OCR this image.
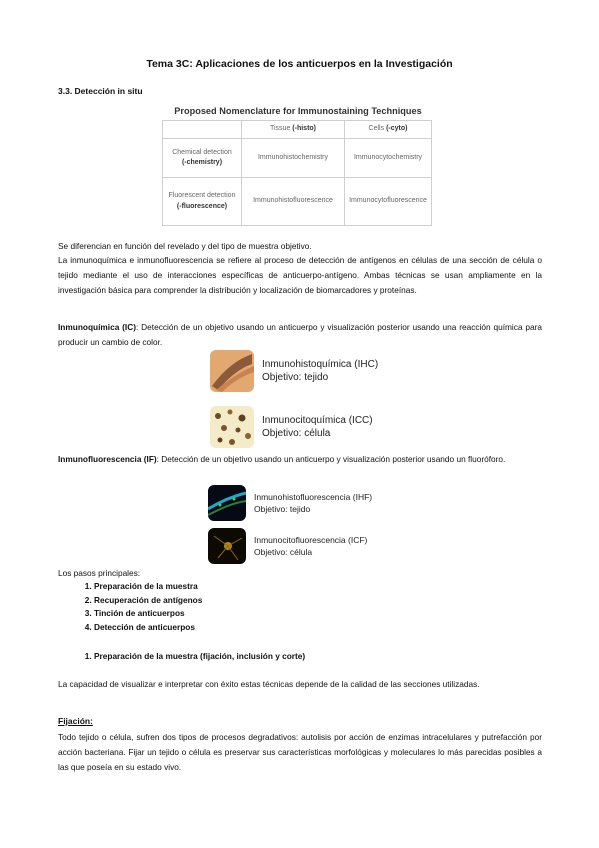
Tema 3C: Aplicaciones de los anticuerpos en la Investigación
3.3. Detección in situ
Proposed Nomenclature for Immunostaining Techniques
	Tissue (-histo)	Cells (-cyto)
Chemical detection
(-chemistry)	Immunohistochemistry	Immunocytochemistry
Fluorescent detection
(-fluorescence)	Immunohistofluorescence	Immunocytofluorescence
Se diferencian en función del revelado y del tipo de muestra objetivo.
La inmunoquímica e inmunofluorescencia se refiere al proceso de detección de antígenos en células de una sección de célula o tejido mediante el uso de interacciones específicas de anticuerpo-antígeno. Ambas técnicas se usan ampliamente en la investigación básica para comprender la distribución y localización de biomarcadores y proteínas.
Inmunoquímica (IC): Detección de un objetivo usando un anticuerpo y visualización posterior usando una reacción química para producir un cambio de color.
Inmunohistoquímica (IHC)
Objetivo: tejido
Inmunocitoquímica (ICC)
Objetivo: célula
Inmunofluorescencia (IF): Detección de un objetivo usando un anticuerpo y visualización posterior usando un fluoróforo.
Inmunohistofluorescencia (IHF)
Objetivo: tejido
Inmunocitofluorescencia (ICF)
Objetivo: célula
Los pasos principales:
1. Preparación de la muestra
2. Recuperación de antígenos
3. Tinción de anticuerpos
4. Detección de anticuerpos
1. Preparación de la muestra (fijación, inclusión y corte)
La capacidad de visualizar e interpretar con éxito estas técnicas depende de la calidad de las secciones utilizadas.
Fijación:
Todo tejido o célula, sufren dos tipos de procesos degradativos: autolisis por acción de enzimas intracelulares y putrefacción por acción bacteriana. Fijar un tejido o célula es preservar sus características morfológicas y moleculares lo más parecidas posibles a las que poseía en su estado vivo.
